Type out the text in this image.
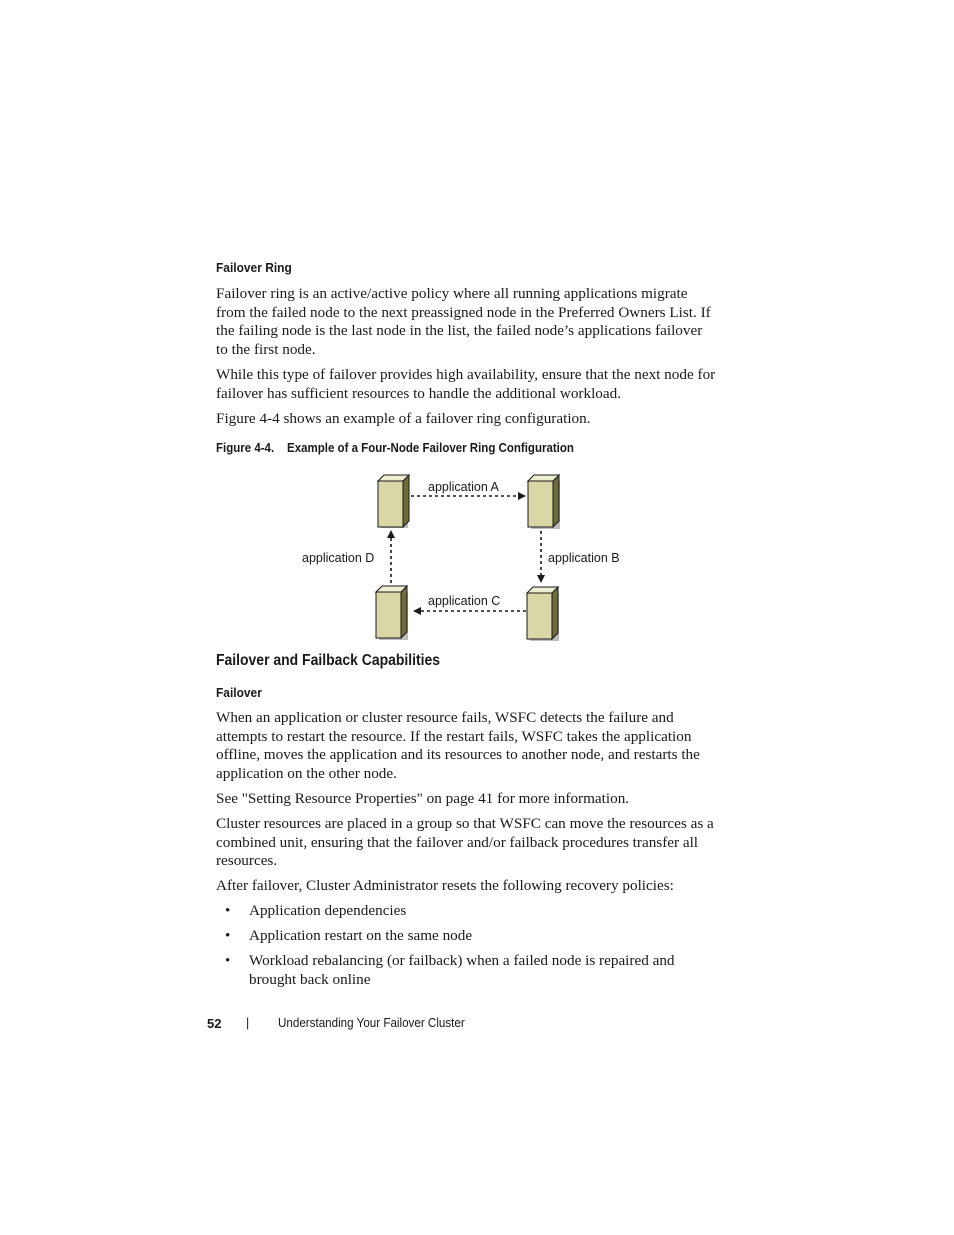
Failover Ring

Failover ring is an active/active policy where all running applications migrate from the failed node to the next preassigned node in the Preferred Owners List. If the failing node is the last node in the list, the failed node’s applications failover to the first node.

While this type of failover provides high availability, ensure that the next node for failover has sufficient resources to handle the additional workload.

Figure 4-4 shows an example of a failover ring configuration.

Figure 4-4. Example of a Four-Node Failover Ring Configuration
application A
application B
application C
application D
Failover and Failback Capabilities
Failover

When an application or cluster resource fails, WSFC detects the failure and attempts to restart the resource. If the restart fails, WSFC takes the application offline, moves the application and its resources to another node, and restarts the application on the other node.

See "Setting Resource Properties" on page 41 for more information.

Cluster resources are placed in a group so that WSFC can move the resources as a combined unit, ensuring that the failover and/or failback procedures transfer all resources.

After failover, Cluster Administrator resets the following recovery policies:

• Application dependencies
• Application restart on the same node
• Workload rebalancing (or failback) when a failed node is repaired and brought back online
52 | Understanding Your Failover Cluster
